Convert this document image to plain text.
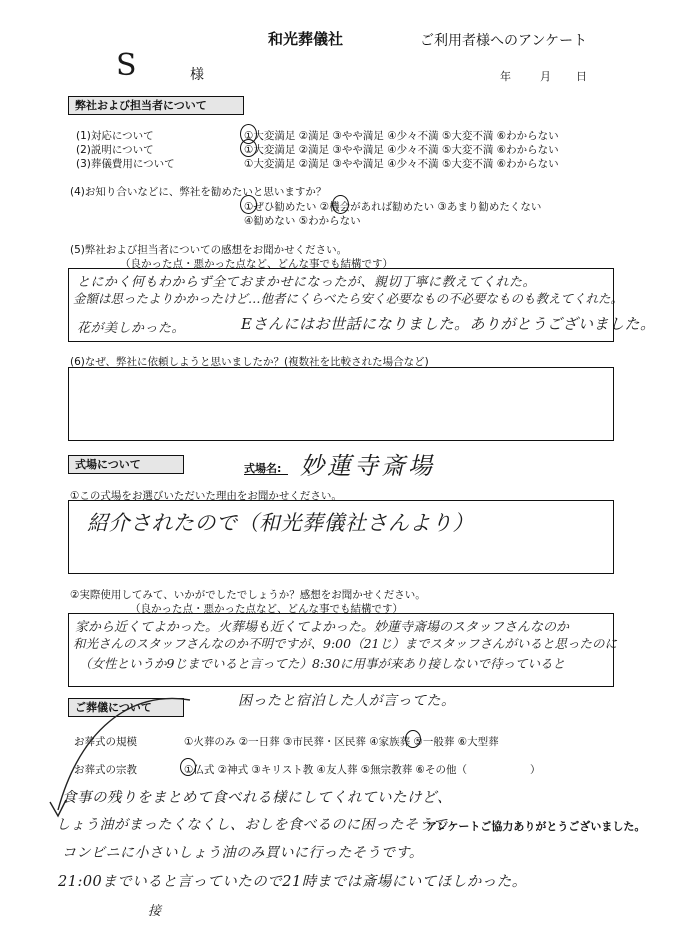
和光葬儀社	ご利用者様へのアンケート
S	様	年	月 日
弊社および担当者について
(1)対応について	①大変満足 ②満足 ③やや満足 ④少々不満 ⑤大変不満 ⑥わからない
(2)説明について	①大変満足 ②満足 ③やや満足 ④少々不満 ⑤大変不満 ⑥わからない
(3)葬儀費用について	①大変満足 ②満足 ③やや満足 ④少々不満 ⑤大変不満 ⑥わからない
(4)お知り合いなどに、弊社を勧めたいと思いますか？
①ぜひ勧めたい ②機会があれば勧めたい ③あまり勧めたくない
④勧めない ⑤わからない
(5)弊社および担当者についての感想をお聞かせください。
（良かった点・悪かった点など、どんな事でも結構です）
とにかく何もわからず全ておまかせになったが、親切丁寧に教えてくれた。
金額は思ったよりかかったけど…他者にくらべたら安く必要なもの不必要なものも教えてくれた。
花が美しかった。	Eさんにはお世話になりました。ありがとうございました。
(6)なぜ、弊社に依頼しようと思いましたか？(複数社を比較された場合など)
式場について	式場名: 妙蓮寺斎場
①この式場をお選びいただいた理由をお聞かせください。
紹介されたので（和光葬儀社さんより）
②実際使用してみて、いかがでしたでしょうか？感想をお聞かせください。
（良かった点・悪かった点など、どんな事でも結構です）
家から近くてよかった。火葬場も近くてよかった。妙蓮寺斎場のスタッフさんなのか
和光さんのスタッフさんなのか不明ですが、9:00（21じ）までスタッフさんがいると思ったのに
（女性というか9じまでいると言ってた）8:30に用事が来あり接しないで待っていると
困ったと宿泊した人が言ってた。
ご葬儀について
お葬式の規模	①火葬のみ ②一日葬 ③市民葬・区民葬 ④家族葬 ⑤一般葬 ⑥大型葬
お葬式の宗教	①仏式 ②神式 ③キリスト教 ④友人葬 ⑤無宗教葬 ⑥その他（　　　　　　）
食事の残りをまとめて食べれる様にしてくれていたけど、
しょう油がまったくなくし、おしを食べるのに困ったそうで
アンケートご協力ありがとうございました。
コンビニに小さいしょう油のみ買いに行ったそうです。
21:00までいると言っていたので21時までは斎場にいてほしかった。
接
